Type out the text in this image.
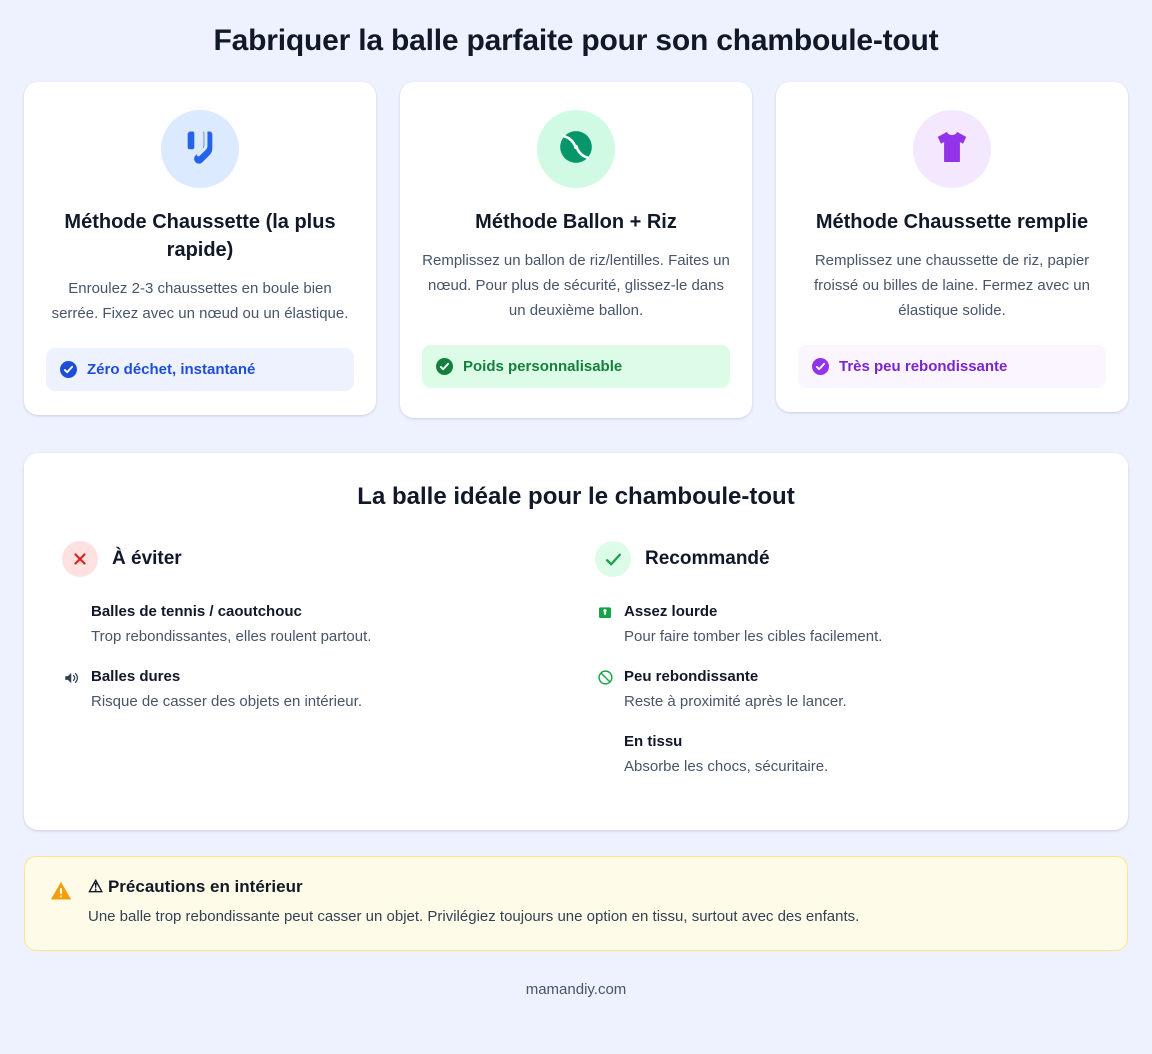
Fabriquer la balle parfaite pour son chamboule-tout
Méthode Chaussette (la plus rapide)
Enroulez 2-3 chaussettes en boule bien serrée. Fixez avec un nœud ou un élastique.
Zéro déchet, instantané
Méthode Ballon + Riz
Remplissez un ballon de riz/lentilles. Faites un nœud. Pour plus de sécurité, glissez-le dans un deuxième ballon.
Poids personnalisable
Méthode Chaussette remplie
Remplissez une chaussette de riz, papier froissé ou billes de laine. Fermez avec un élastique solide.
Très peu rebondissante
La balle idéale pour le chamboule-tout
À éviter
Balles de tennis / caoutchouc
Trop rebondissantes, elles roulent partout.
Balles dures
Risque de casser des objets en intérieur.
Recommandé
Assez lourde
Pour faire tomber les cibles facilement.
Peu rebondissante
Reste à proximité après le lancer.
En tissu
Absorbe les chocs, sécuritaire.
⚠ Précautions en intérieur
Une balle trop rebondissante peut casser un objet. Privilégiez toujours une option en tissu, surtout avec des enfants.
mamandiy.com
